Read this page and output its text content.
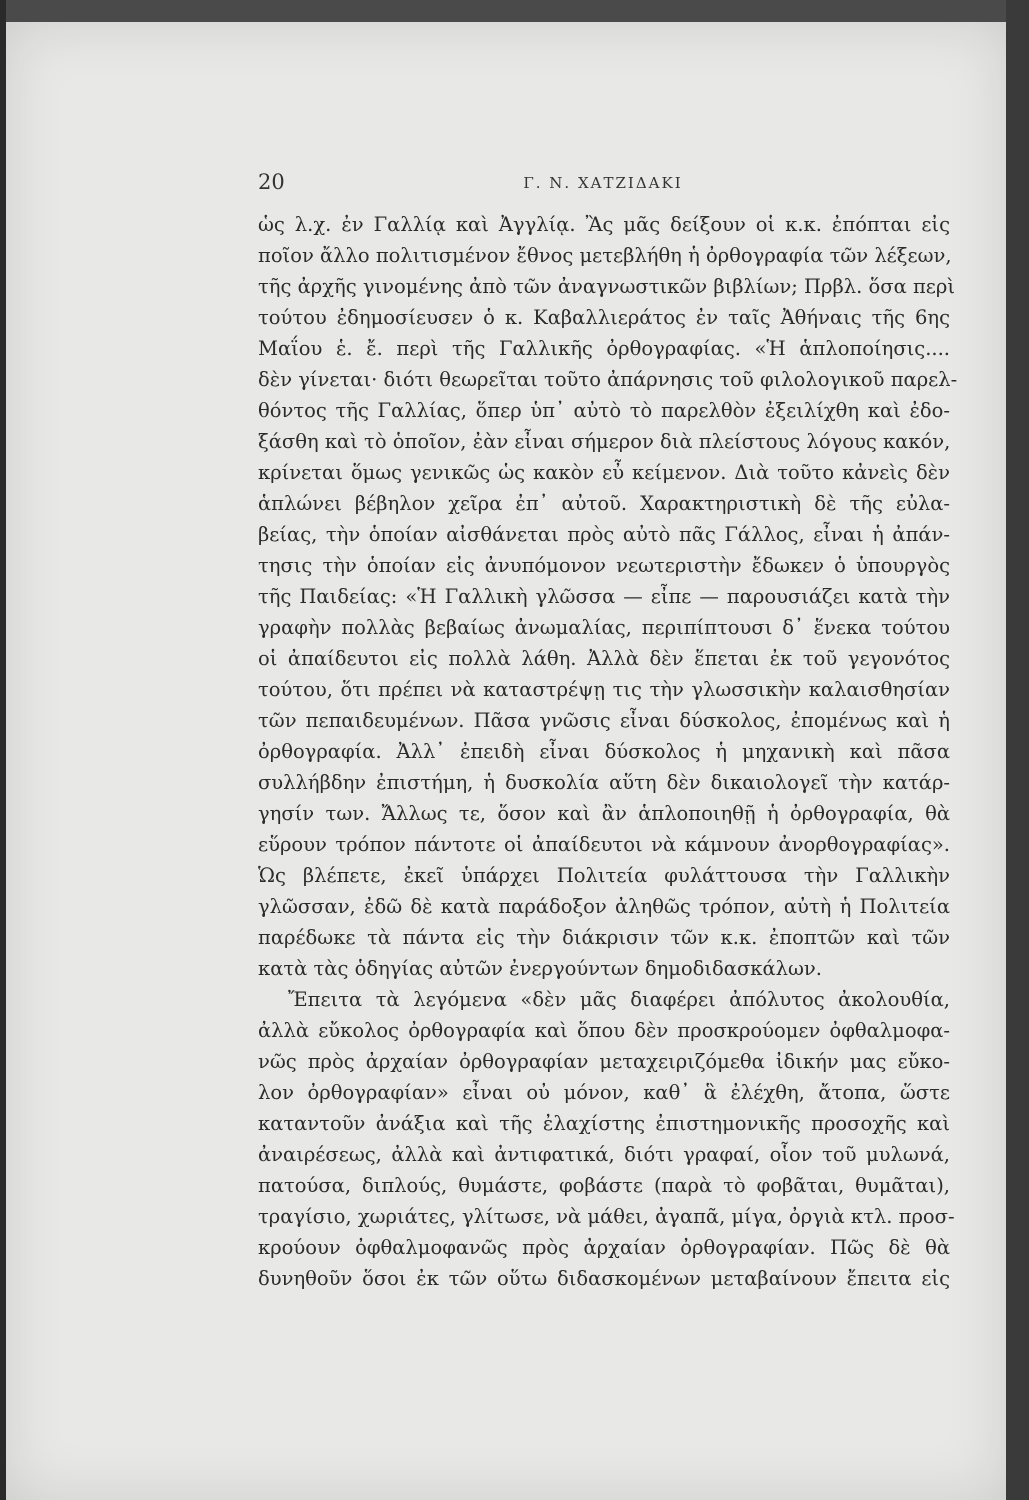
20	Γ. Ν. ΧΑΤΖΙΔΑΚΙ
ὡς λ.χ. ἐν Γαλλίᾳ καὶ Ἀγγλίᾳ. Ἂς μᾶς δείξουν οἱ κ.κ. ἐπόπται εἰς
ποῖον ἄλλο πολιτισμένον ἔθνος μετεβλήθη ἡ ὀρθογραφία τῶν λέξεων,
τῆς ἀρχῆς γινομένης ἀπὸ τῶν ἀναγνωστικῶν βιβλίων; Πρβλ. ὅσα περὶ
τούτου ἐδημοσίευσεν ὁ κ. Καβαλλιεράτος ἐν ταῖς Ἀθήναις τῆς 6ης
Μαΐου ἑ. ἔ. περὶ τῆς Γαλλικῆς ὀρθογραφίας. «Ἡ ἁπλοποίησις....
δὲν γίνεται· διότι θεωρεῖται τοῦτο ἀπάρνησις τοῦ φιλολογικοῦ παρελ-
θόντος τῆς Γαλλίας, ὅπερ ὑπ᾽ αὐτὸ τὸ παρελθὸν ἐξειλίχθη καὶ ἐδο-
ξάσθη καὶ τὸ ὁποῖον, ἐὰν εἶναι σήμερον διὰ πλείστους λόγους κακόν,
κρίνεται ὅμως γενικῶς ὡς κακὸν εὖ κείμενον. Διὰ τοῦτο κἀνεὶς δὲν
ἁπλώνει βέβηλον χεῖρα ἐπ᾽ αὐτοῦ. Χαρακτηριστικὴ δὲ τῆς εὐλα-
βείας, τὴν ὁποίαν αἰσθάνεται πρὸς αὐτὸ πᾶς Γάλλος, εἶναι ἡ ἀπάν-
τησις τὴν ὁποίαν εἰς ἀνυπόμονον νεωτεριστὴν ἔδωκεν ὁ ὑπουργὸς
τῆς Παιδείας: «Ἡ Γαλλικὴ γλῶσσα — εἶπε — παρουσιάζει κατὰ τὴν
γραφὴν πολλὰς βεβαίως ἀνωμαλίας, περιπίπτουσι δ᾽ ἕνεκα τούτου
οἱ ἀπαίδευτοι εἰς πολλὰ λάθη. Ἀλλὰ δὲν ἕπεται ἐκ τοῦ γεγονότος
τούτου, ὅτι πρέπει νὰ καταστρέψῃ τις τὴν γλωσσικὴν καλαισθησίαν
τῶν πεπαιδευμένων. Πᾶσα γνῶσις εἶναι δύσκολος, ἐπομένως καὶ ἡ
ὀρθογραφία. Ἀλλ᾽ ἐπειδὴ εἶναι δύσκολος ἡ μηχανικὴ καὶ πᾶσα
συλλήβδην ἐπιστήμη, ἡ δυσκολία αὕτη δὲν δικαιολογεῖ τὴν κατάρ-
γησίν των. Ἄλλως τε, ὅσον καὶ ἂν ἁπλοποιηθῇ ἡ ὀρθογραφία, θὰ
εὕρουν τρόπον πάντοτε οἱ ἀπαίδευτοι νὰ κάμνουν ἀνορθογραφίας».
Ὡς βλέπετε, ἐκεῖ ὑπάρχει Πολιτεία φυλάττουσα τὴν Γαλλικὴν
γλῶσσαν, ἐδῶ δὲ κατὰ παράδοξον ἀληθῶς τρόπον, αὐτὴ ἡ Πολιτεία
παρέδωκε τὰ πάντα εἰς τὴν διάκρισιν τῶν κ.κ. ἐποπτῶν καὶ τῶν
κατὰ τὰς ὁδηγίας αὐτῶν ἐνεργούντων δημοδιδασκάλων.
Ἔπειτα τὰ λεγόμενα «δὲν μᾶς διαφέρει ἀπόλυτος ἀκολουθία,
ἀλλὰ εὔκολος ὀρθογραφία καὶ ὅπου δὲν προσκρούομεν ὀφθαλμοφα-
νῶς πρὸς ἀρχαίαν ὀρθογραφίαν μεταχειριζόμεθα ἰδικήν μας εὔκο-
λον ὀρθογραφίαν» εἶναι οὐ μόνον, καθ᾽ ἃ ἐλέχθη, ἄτοπα, ὥστε
καταντοῦν ἀνάξια καὶ τῆς ἐλαχίστης ἐπιστημονικῆς προσοχῆς καὶ
ἀναιρέσεως, ἀλλὰ καὶ ἀντιφατικά, διότι γραφαί, οἷον τοῦ μυλωνά,
πατούσα, διπλούς, θυμάστε, φοβάστε (παρὰ τὸ φοβᾶται, θυμᾶται),
τραγίσιο, χωριάτες, γλίτωσε, νὰ μάθει, ἀγαπᾶ, μίγα, ὀργιὰ κτλ. προσ-
κρούουν ὀφθαλμοφανῶς πρὸς ἀρχαίαν ὀρθογραφίαν. Πῶς δὲ θὰ
δυνηθοῦν ὅσοι ἐκ τῶν οὕτω διδασκομένων μεταβαίνουν ἔπειτα εἰς
